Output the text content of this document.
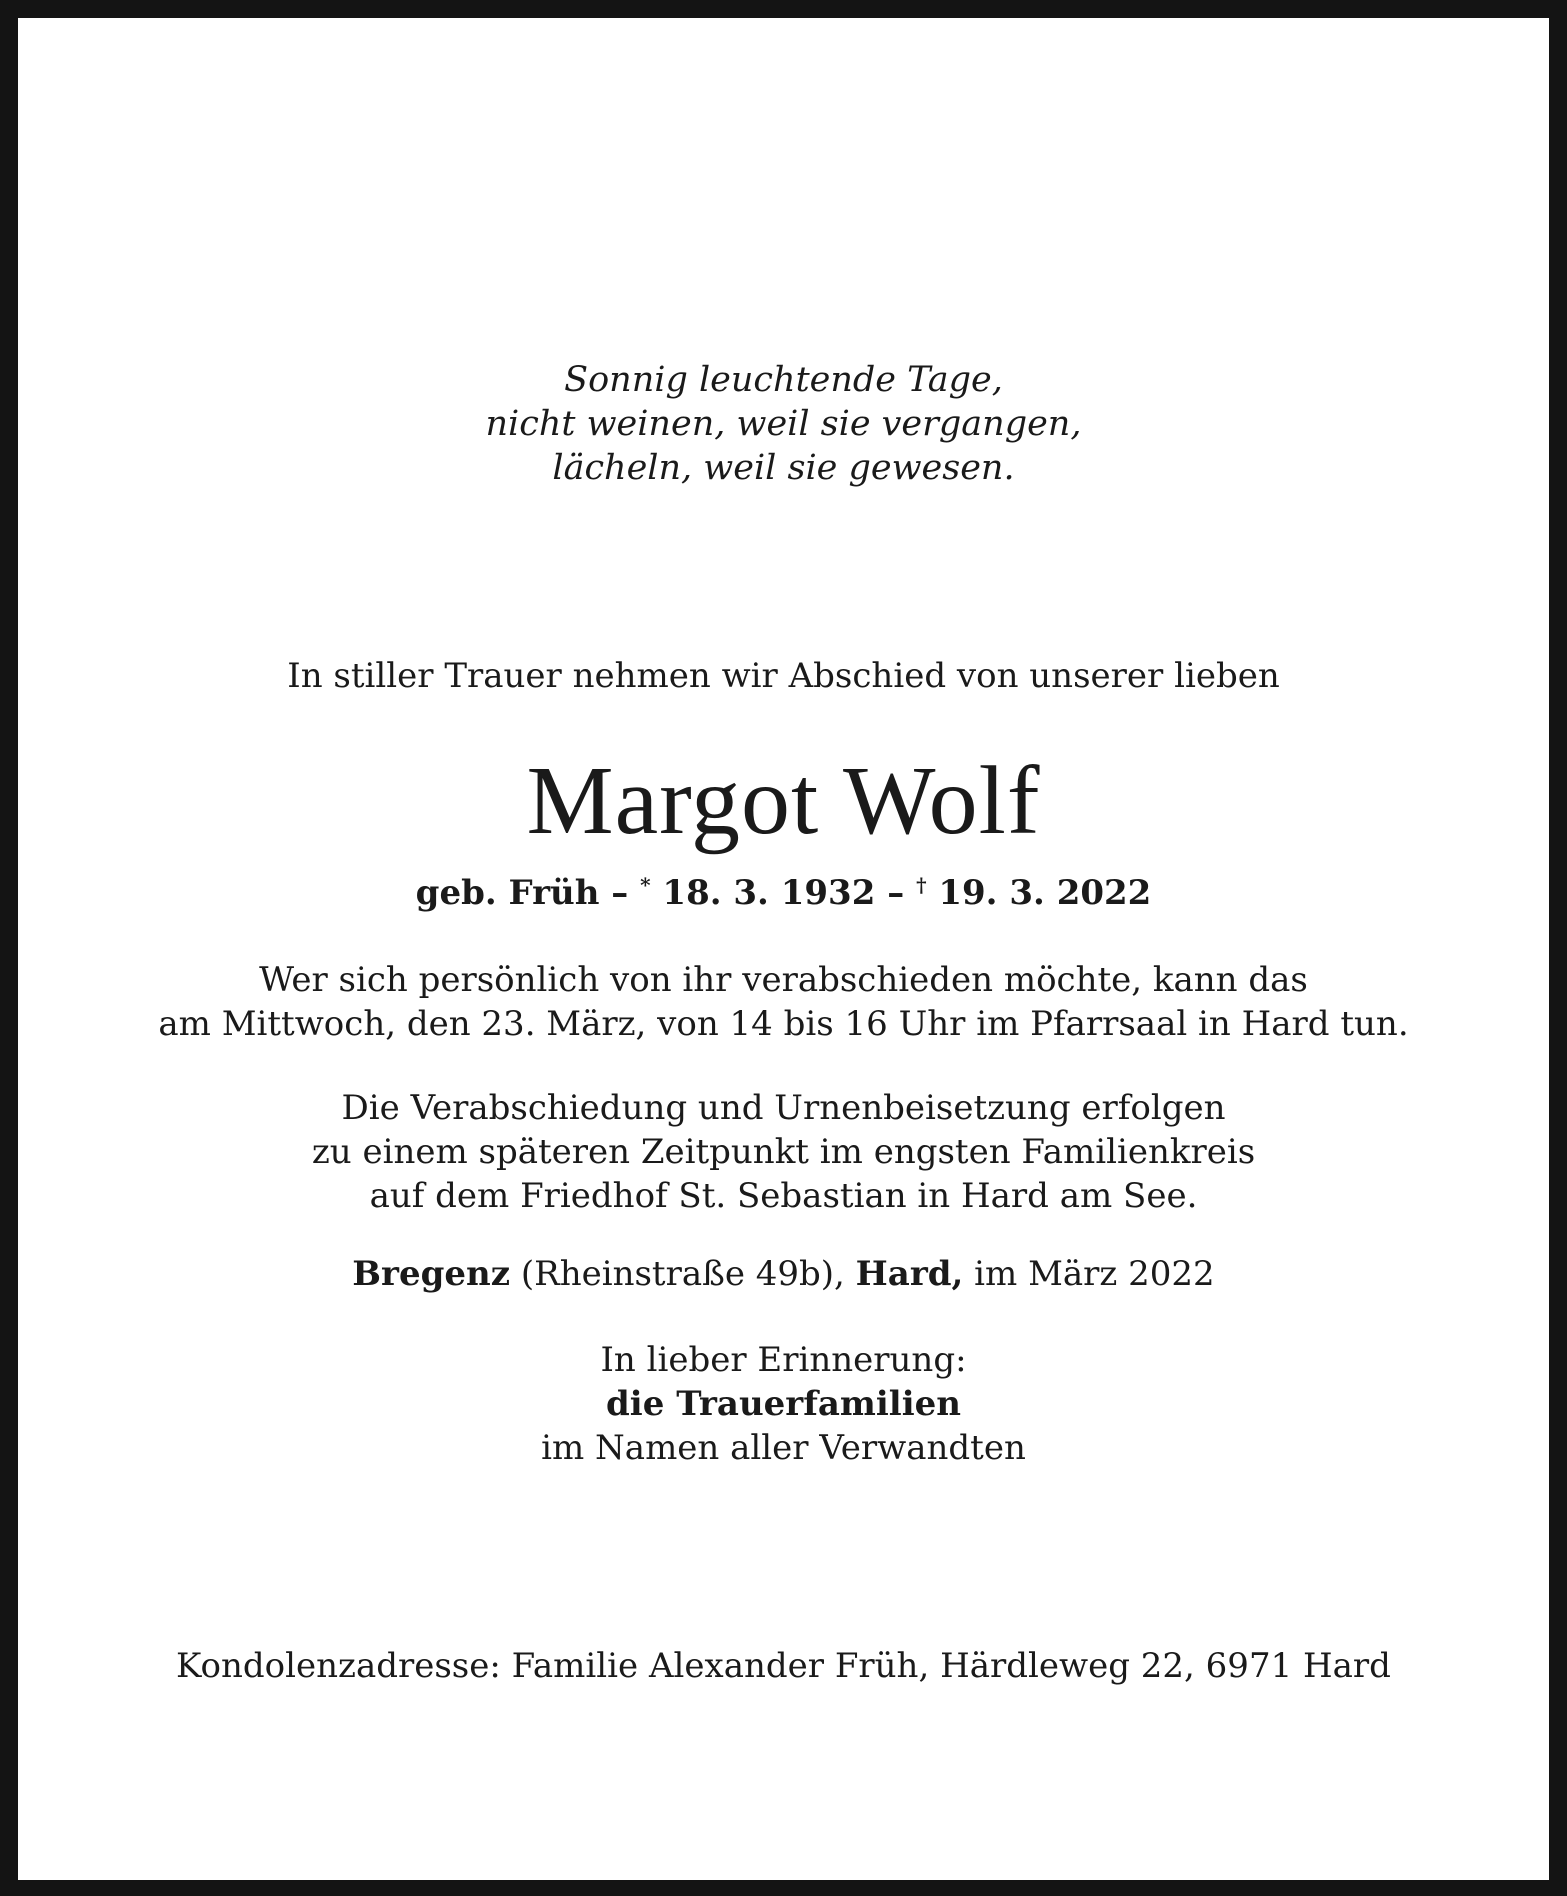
Sonnig leuchtende Tage,
nicht weinen, weil sie vergangen,
lächeln, weil sie gewesen.
In stiller Trauer nehmen wir Abschied von unserer lieben
Margot Wolf
geb. Früh – * 18. 3. 1932 – † 19. 3. 2022
Wer sich persönlich von ihr verabschieden möchte, kann das
am Mittwoch, den 23. März, von 14 bis 16 Uhr im Pfarrsaal in Hard tun.
Die Verabschiedung und Urnenbeisetzung erfolgen
zu einem späteren Zeitpunkt im engsten Familienkreis
auf dem Friedhof St. Sebastian in Hard am See.
Bregenz (Rheinstraße 49b), Hard, im März 2022
In lieber Erinnerung:
die Trauerfamilien
im Namen aller Verwandten
Kondolenzadresse: Familie Alexander Früh, Härdleweg 22, 6971 Hard
